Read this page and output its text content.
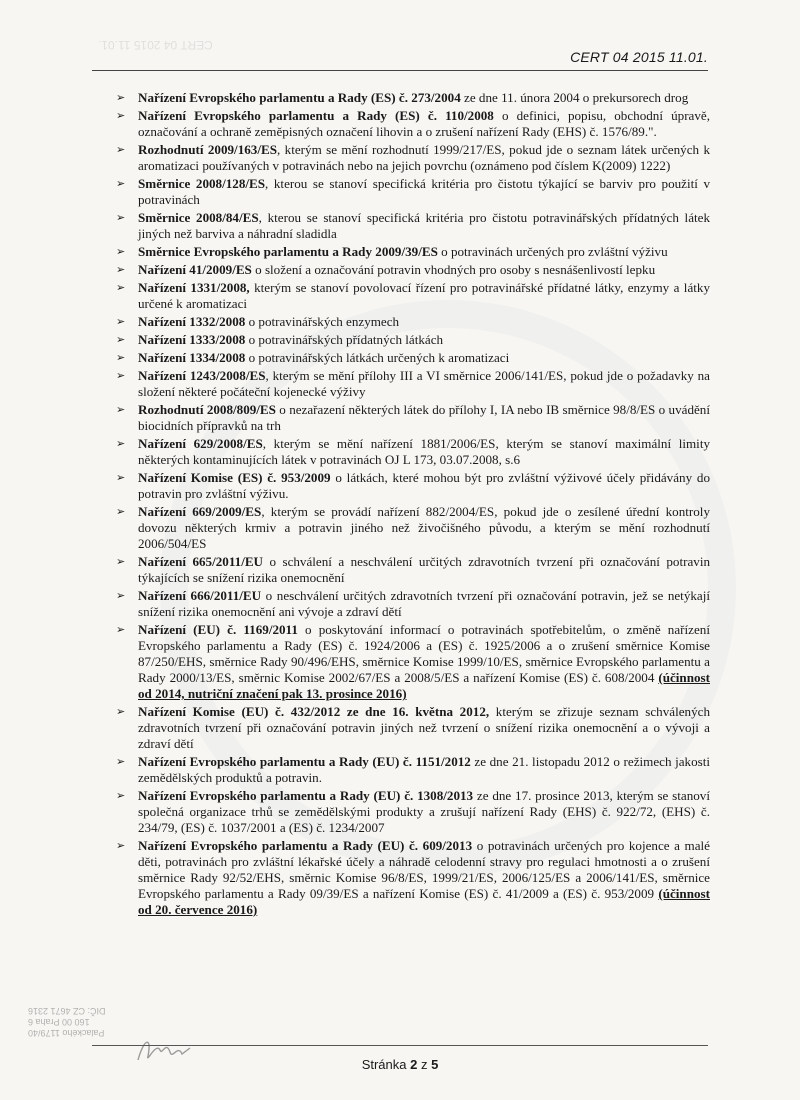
CERT 04 2015 11.01.
CERT 04 2015 11.01.
➢ Nařízení Evropského parlamentu a Rady (ES) č. 273/2004 ze dne 11. února 2004 o prekursorech drog
➢ Nařízení Evropského parlamentu a Rady (ES) č. 110/2008 o definici, popisu, obchodní úpravě, označování a ochraně zeměpisných označení lihovin a o zrušení nařízení Rady (EHS) č. 1576/89.".
➢ Rozhodnutí 2009/163/ES, kterým se mění rozhodnutí 1999/217/ES, pokud jde o seznam látek určených k aromatizaci používaných v potravinách nebo na jejich povrchu (oznámeno pod číslem K(2009) 1222)
➢ Směrnice 2008/128/ES, kterou se stanoví specifická kritéria pro čistotu týkající se barviv pro použití v potravinách
➢ Směrnice 2008/84/ES, kterou se stanoví specifická kritéria pro čistotu potravinářských přídatných látek jiných než barviva a náhradní sladidla
➢ Směrnice Evropského parlamentu a Rady 2009/39/ES o potravinách určených pro zvláštní výživu
➢ Nařízení 41/2009/ES o složení a označování potravin vhodných pro osoby s nesnášenlivostí lepku
➢ Nařízení 1331/2008, kterým se stanoví povolovací řízení pro potravinářské přídatné látky, enzymy a látky určené k aromatizaci
➢ Nařízení 1332/2008 o potravinářských enzymech
➢ Nařízení 1333/2008 o potravinářských přídatných látkách
➢ Nařízení 1334/2008 o potravinářských látkách určených k aromatizaci
➢ Nařízení 1243/2008/ES, kterým se mění přílohy III a VI směrnice 2006/141/ES, pokud jde o požadavky na složení některé počáteční kojenecké výživy
➢ Rozhodnutí 2008/809/ES o nezařazení některých látek do přílohy I, IA nebo IB směrnice 98/8/ES o uvádění biocidních přípravků na trh
➢ Nařízení 629/2008/ES, kterým se mění nařízení 1881/2006/ES, kterým se stanoví maximální limity některých kontaminujících látek v potravinách OJ L 173, 03.07.2008, s.6
➢ Nařízení Komise (ES) č. 953/2009 o látkách, které mohou být pro zvláštní výživové účely přidávány do potravin pro zvláštní výživu.
➢ Nařízení 669/2009/ES, kterým se provádí nařízení 882/2004/ES, pokud jde o zesílené úřední kontroly dovozu některých krmiv a potravin jiného než živočišného původu, a kterým se mění rozhodnutí 2006/504/ES
➢ Nařízení 665/2011/EU o schválení a neschválení určitých zdravotních tvrzení při označování potravin týkajících se snížení rizika onemocnění
➢ Nařízení 666/2011/EU o neschválení určitých zdravotních tvrzení při označování potravin, jež se netýkají snížení rizika onemocnění ani vývoje a zdraví dětí
➢ Nařízení (EU) č. 1169/2011 o poskytování informací o potravinách spotřebitelům, o změně nařízení Evropského parlamentu a Rady (ES) č. 1924/2006 a (ES) č. 1925/2006 a o zrušení směrnice Komise 87/250/EHS, směrnice Rady 90/496/EHS, směrnice Komise 1999/10/ES, směrnice Evropského parlamentu a Rady 2000/13/ES, směrnic Komise 2002/67/ES a 2008/5/ES a nařízení Komise (ES) č. 608/2004 (účinnost od 2014, nutriční značení pak 13. prosince 2016)
➢ Nařízení Komise (EU) č. 432/2012 ze dne 16. května 2012, kterým se zřizuje seznam schválených zdravotních tvrzení při označování potravin jiných než tvrzení o snížení rizika onemocnění a o vývoji a zdraví dětí
➢ Nařízení Evropského parlamentu a Rady (EU) č. 1151/2012 ze dne 21. listopadu 2012 o režimech jakosti zemědělských produktů a potravin.
➢ Nařízení Evropského parlamentu a Rady (EU) č. 1308/2013 ze dne 17. prosince 2013, kterým se stanoví společná organizace trhů se zemědělskými produkty a zrušují nařízení Rady (EHS) č. 922/72, (EHS) č. 234/79, (ES) č. 1037/2001 a (ES) č. 1234/2007
➢ Nařízení Evropského parlamentu a Rady (EU) č. 609/2013 o potravinách určených pro kojence a malé děti, potravinách pro zvláštní lékařské účely a náhradě celodenní stravy pro regulaci hmotnosti a o zrušení směrnice Rady 92/52/EHS, směrnic Komise 96/8/ES, 1999/21/ES, 2006/125/ES a 2006/141/ES, směrnice Evropského parlamentu a Rady 09/39/ES a nařízení Komise (ES) č. 41/2009 a (ES) č. 953/2009 (účinnost od 20. července 2016)
Palackého 1179/40
160 00 Praha 6
DIČ: CZ 4671 2316
Stránka 2 z 5
